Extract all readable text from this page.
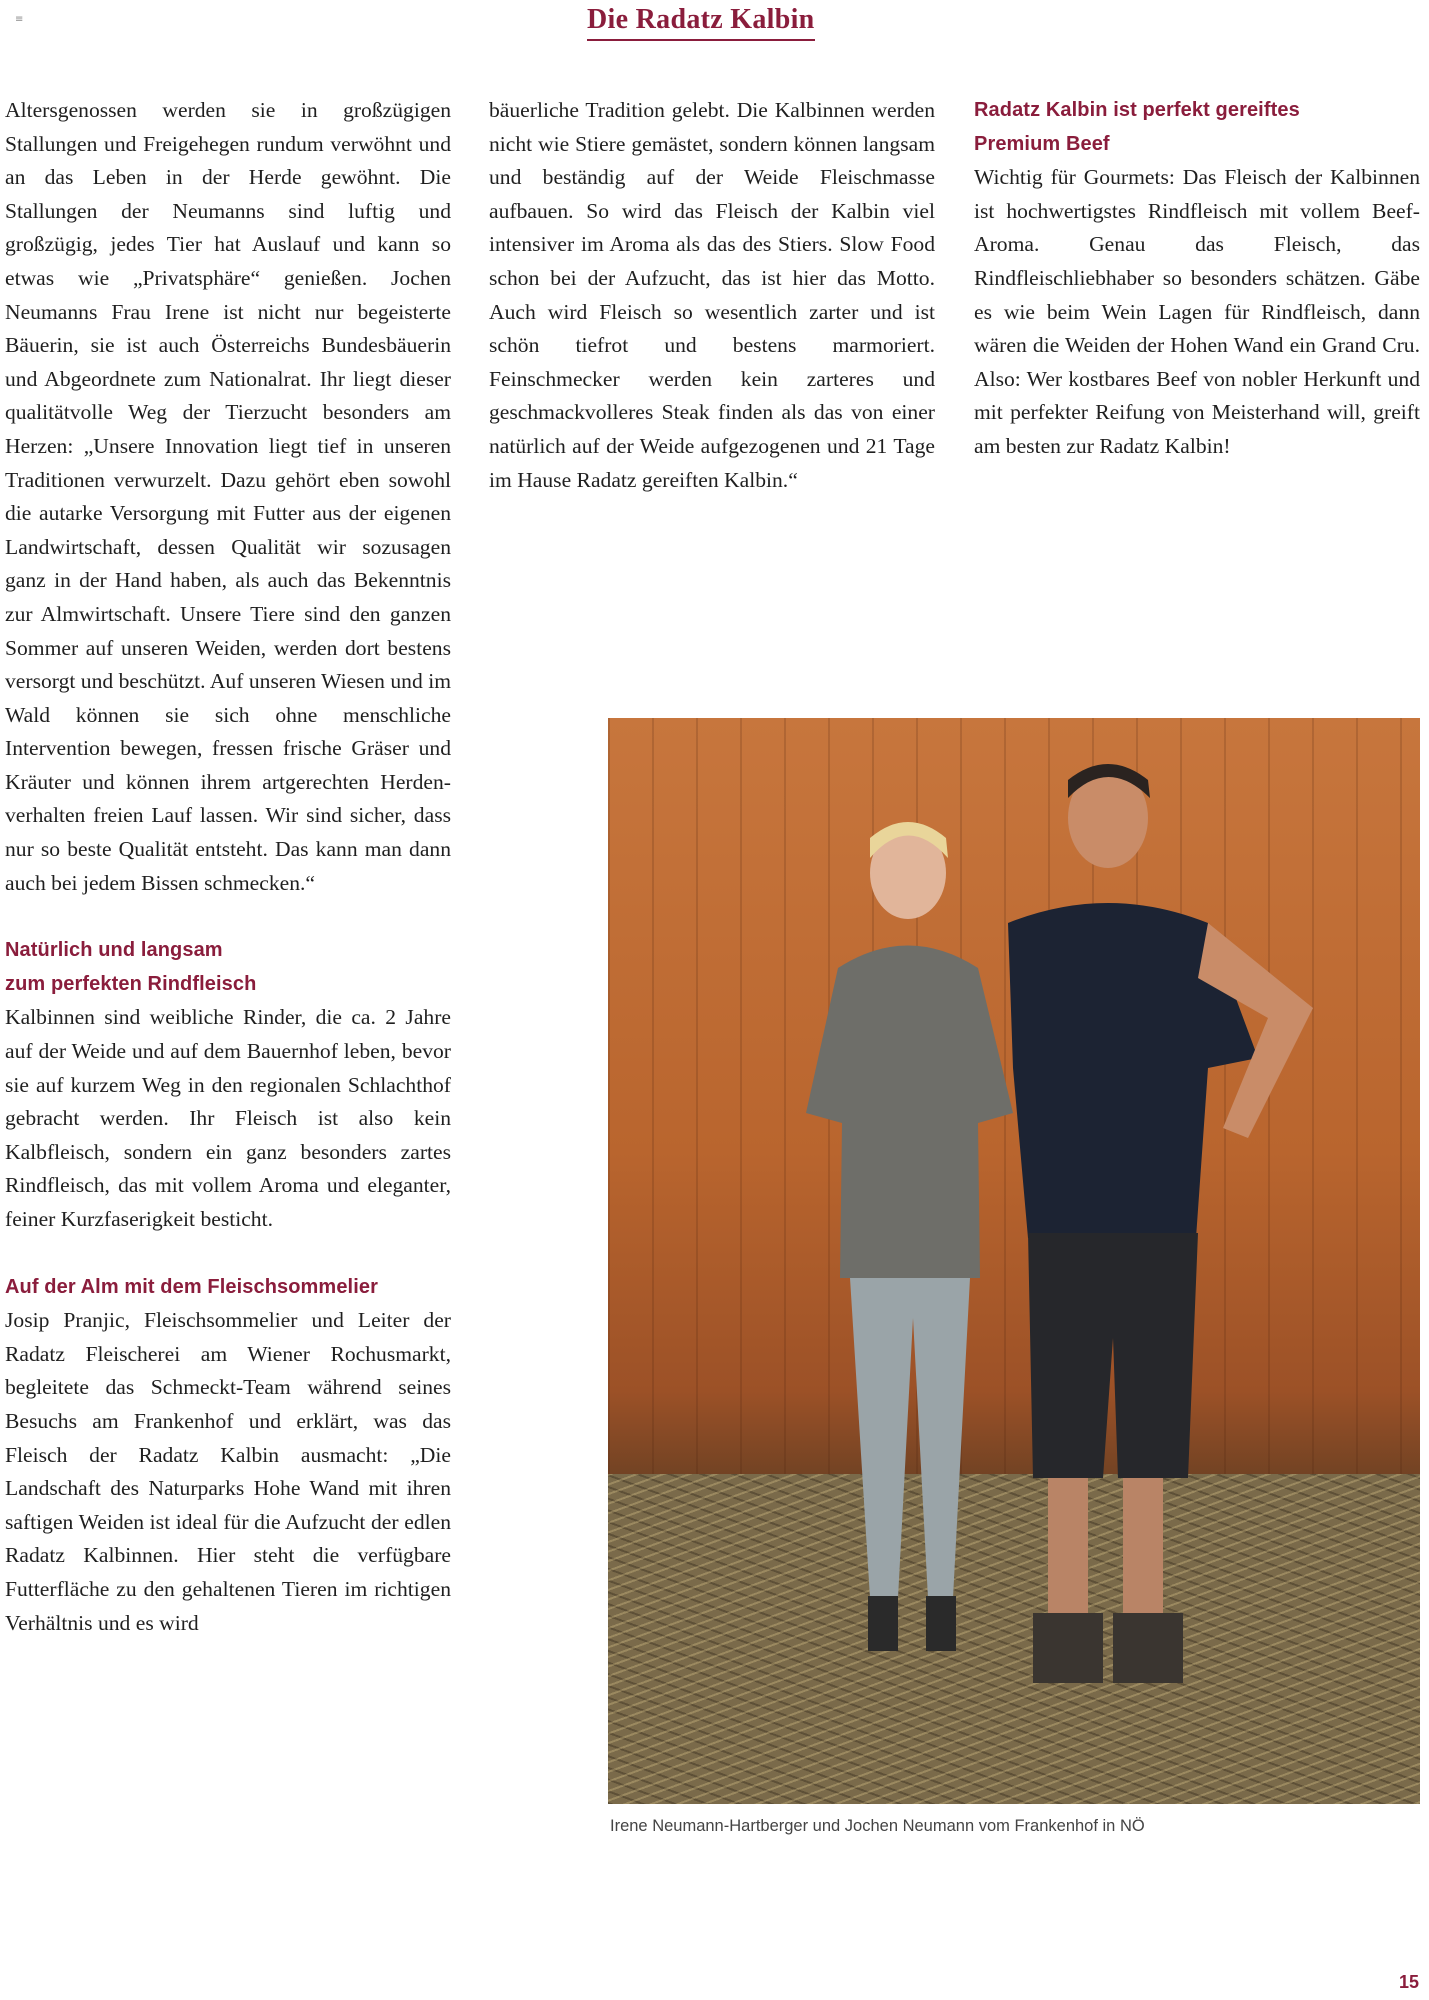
≡	Die Radatz Kalbin

Altersgenossen werden sie in großzügigen Stallungen und Freigehegen rundum verwöhnt und an das Leben in der Herde gewöhnt. Die Stallungen der Neumanns sind luftig und großzügig, jedes Tier hat Auslauf und kann so etwas wie „Privatsphäre“ genießen. Jochen Neumanns Frau Irene ist nicht nur begeisterte Bäuerin, sie ist auch Österreichs Bundesbäuerin und Abgeordnete zum Nationalrat. Ihr liegt dieser qualitätvolle Weg der Tierzucht besonders am Herzen: „Unsere Innovation liegt tief in unseren Traditionen verwurzelt. Dazu gehört eben sowohl die autarke Versorgung mit Futter aus der eigenen Landwirtschaft, dessen Qualität wir sozusagen ganz in der Hand haben, als auch das Bekenntnis zur Almwirtschaft. Unsere Tiere sind den ganzen Sommer auf unseren Weiden, werden dort bestens versorgt und beschützt. Auf unseren Wiesen und im Wald können sie sich ohne menschliche Intervention bewegen, fressen frische Gräser und Kräuter und können ihrem artgerechten Herdenverhalten freien Lauf lassen. Wir sind sicher, dass nur so beste Qualität entsteht. Das kann man dann auch bei jedem Bissen schmecken.“

Natürlich und langsam
zum perfekten Rindfleisch

Kalbinnen sind weibliche Rinder, die ca. 2 Jahre auf der Weide und auf dem Bauernhof leben, bevor sie auf kurzem Weg in den regionalen Schlachthof gebracht werden. Ihr Fleisch ist also kein Kalbfleisch, sondern ein ganz besonders zartes Rindfleisch, das mit vollem Aroma und eleganter, feiner Kurzfaserigkeit besticht.

Auf der Alm mit dem Fleischsommelier

Josip Pranjic, Fleischsommelier und Leiter der Radatz Fleischerei am Wiener Rochusmarkt, begleitete das Schmeckt-Team während seines Besuchs am Frankenhof und erklärt, was das Fleisch der Radatz Kalbin ausmacht: „Die Landschaft des Naturparks Hohe Wand mit ihren saftigen Weiden ist ideal für die Aufzucht der edlen Radatz Kalbinnen. Hier steht die verfügbare Futterfläche zu den gehaltenen Tieren im richtigen Verhältnis und es wird

bäuerliche Tradition gelebt. Die Kalbinnen werden nicht wie Stiere gemästet, sondern können langsam und beständig auf der Weide Fleischmasse aufbauen. So wird das Fleisch der Kalbin viel intensiver im Aroma als das des Stiers. Slow Food schon bei der Aufzucht, das ist hier das Motto. Auch wird Fleisch so wesentlich zarter und ist schön tiefrot und bestens marmoriert. Feinschmecker werden kein zarteres und geschmackvolleres Steak finden als das von einer natürlich auf der Weide aufgezogenen und 21 Tage im Hause Radatz gereiften Kalbin.“

Radatz Kalbin ist perfekt gereiftes
Premium Beef

Wichtig für Gourmets: Das Fleisch der Kalbinnen ist hochwertigstes Rindfleisch mit vollem Beef-Aroma. Genau das Fleisch, das Rindfleischliebhaber so besonders schätzen. Gäbe es wie beim Wein Lagen für Rindfleisch, dann wären die Weiden der Hohen Wand ein Grand Cru. Also: Wer kostbares Beef von nobler Herkunft und mit perfekter Reifung von Meisterhand will, greift am besten zur Radatz Kalbin!

Irene Neumann-Hartberger und Jochen Neumann vom Frankenhof in NÖ
15
